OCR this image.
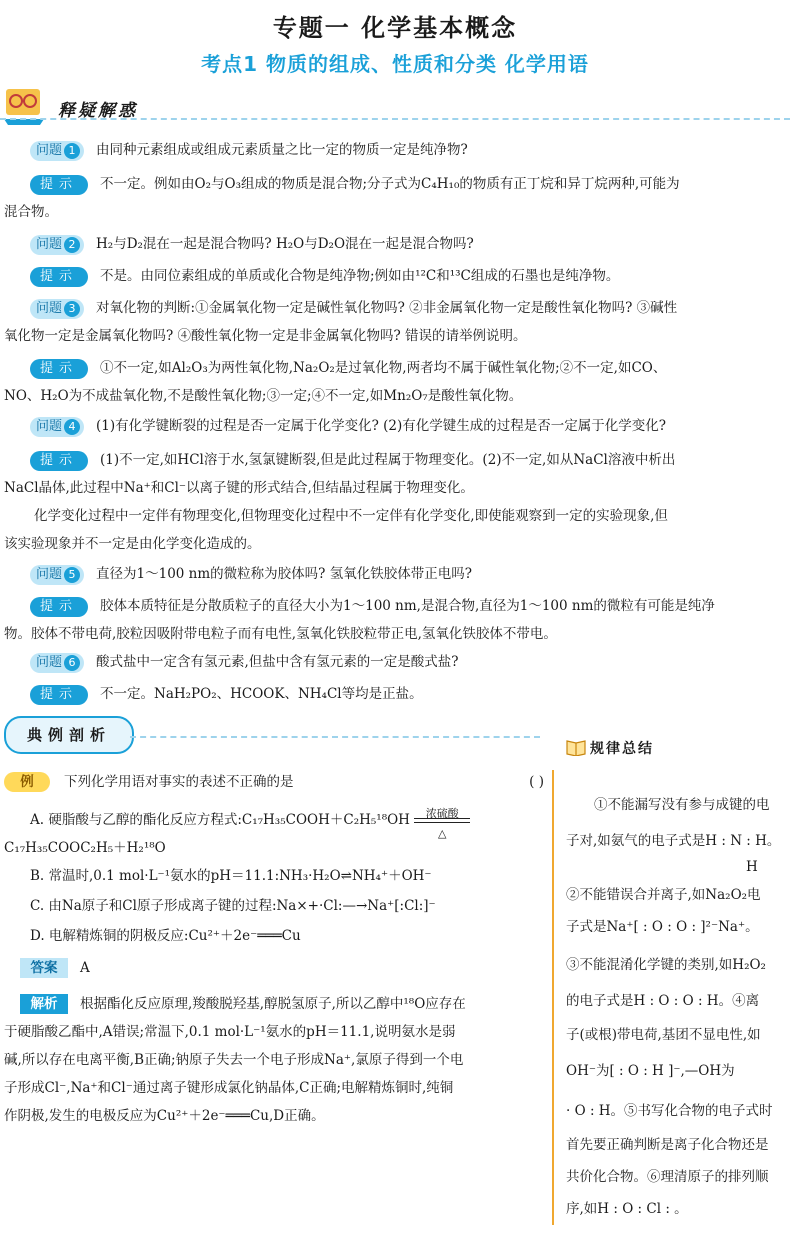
专题一 化学基本概念
考点1 物质的组成、性质和分类 化学用语
释疑解惑
问题 1 由同种元素组成或组成元素质量之比一定的物质一定是纯净物?
提示 不一定。例如由O₂与O₃组成的物质是混合物;分子式为C₄H₁₀的物质有正丁烷和异丁烷两种,可能为
混合物。
问题 2 H₂与D₂混在一起是混合物吗? H₂O与D₂O混在一起是混合物吗?
提示 不是。由同位素组成的单质或化合物是纯净物;例如由¹²C和¹³C组成的石墨也是纯净物。
问题 3 对氧化物的判断:①金属氧化物一定是碱性氧化物吗? ②非金属氧化物一定是酸性氧化物吗? ③碱性
氧化物一定是金属氧化物吗? ④酸性氧化物一定是非金属氧化物吗? 错误的请举例说明。
提示 ①不一定,如Al₂O₃为两性氧化物,Na₂O₂是过氧化物,两者均不属于碱性氧化物;②不一定,如CO、
NO、H₂O为不成盐氧化物,不是酸性氧化物;③一定;④不一定,如Mn₂O₇是酸性氧化物。
问题 4 (1)有化学键断裂的过程是否一定属于化学变化? (2)有化学键生成的过程是否一定属于化学变化?
提示 (1)不一定,如HCl溶于水,氢氯键断裂,但是此过程属于物理变化。(2)不一定,如从NaCl溶液中析出
NaCl晶体,此过程中Na⁺和Cl⁻以离子键的形式结合,但结晶过程属于物理变化。
化学变化过程中一定伴有物理变化,但物理变化过程中不一定伴有化学变化,即使能观察到一定的实验现象,但
该实验现象并不一定是由化学变化造成的。
问题 5 直径为1～100 nm的微粒称为胶体吗? 氢氧化铁胶体带正电吗?
提示 胶体本质特征是分散质粒子的直径大小为1～100 nm,是混合物,直径为1～100 nm的微粒有可能是纯净
物。胶体不带电荷,胶粒因吸附带电粒子而有电性,氢氧化铁胶粒带正电,氢氧化铁胶体不带电。
问题 6 酸式盐中一定含有氢元素,但盐中含有氢元素的一定是酸式盐?
提示 不一定。NaH₂PO₂、HCOOK、NH₄Cl等均是正盐。
典例剖析
例 下列化学用语对事实的表述不正确的是	( )
A. 硬脂酸与乙醇的酯化反应方程式:C₁₇H₃₅COOH＋C₂H₅¹⁸OH	浓硫酸
△
C₁₇H₃₅COOC₂H₅＋H₂¹⁸O
B. 常温时,0.1 mol·L⁻¹氨水的pH＝11.1:NH₃·H₂O⇌NH₄⁺＋OH⁻
C. 由Na原子和Cl原子形成离子键的过程:Na×+·Cl:—→Na⁺[:Cl:]⁻
D. 电解精炼铜的阴极反应:Cu²⁺＋2e⁻═══Cu
答案 A
解析 根据酯化反应原理,羧酸脱羟基,醇脱氢原子,所以乙醇中¹⁸O应存在
于硬脂酸乙酯中,A错误;常温下,0.1 mol·L⁻¹氨水的pH＝11.1,说明氨水是弱
碱,所以存在电离平衡,B正确;钠原子失去一个电子形成Na⁺,氯原子得到一个电
子形成Cl⁻,Na⁺和Cl⁻通过离子键形成氯化钠晶体,C正确;电解精炼铜时,纯铜
作阴极,发生的电极反应为Cu²⁺＋2e⁻═══Cu,D正确。
规律总结
①不能漏写没有参与成键的电
子对,如氨气的电子式是H : N : H。
H
②不能错误合并离子,如Na₂O₂电
子式是Na⁺[ : O : O : ]²⁻Na⁺。
③不能混淆化学键的类别,如H₂O₂
的电子式是H : O : O : H。④离
子(或根)带电荷,基团不显电性,如
OH⁻为[ : O : H ]⁻,—OH为
· O : H。⑤书写化合物的电子式时
首先要正确判断是离子化合物还是
共价化合物。⑥理清原子的排列顺
序,如H : O : Cl : 。
